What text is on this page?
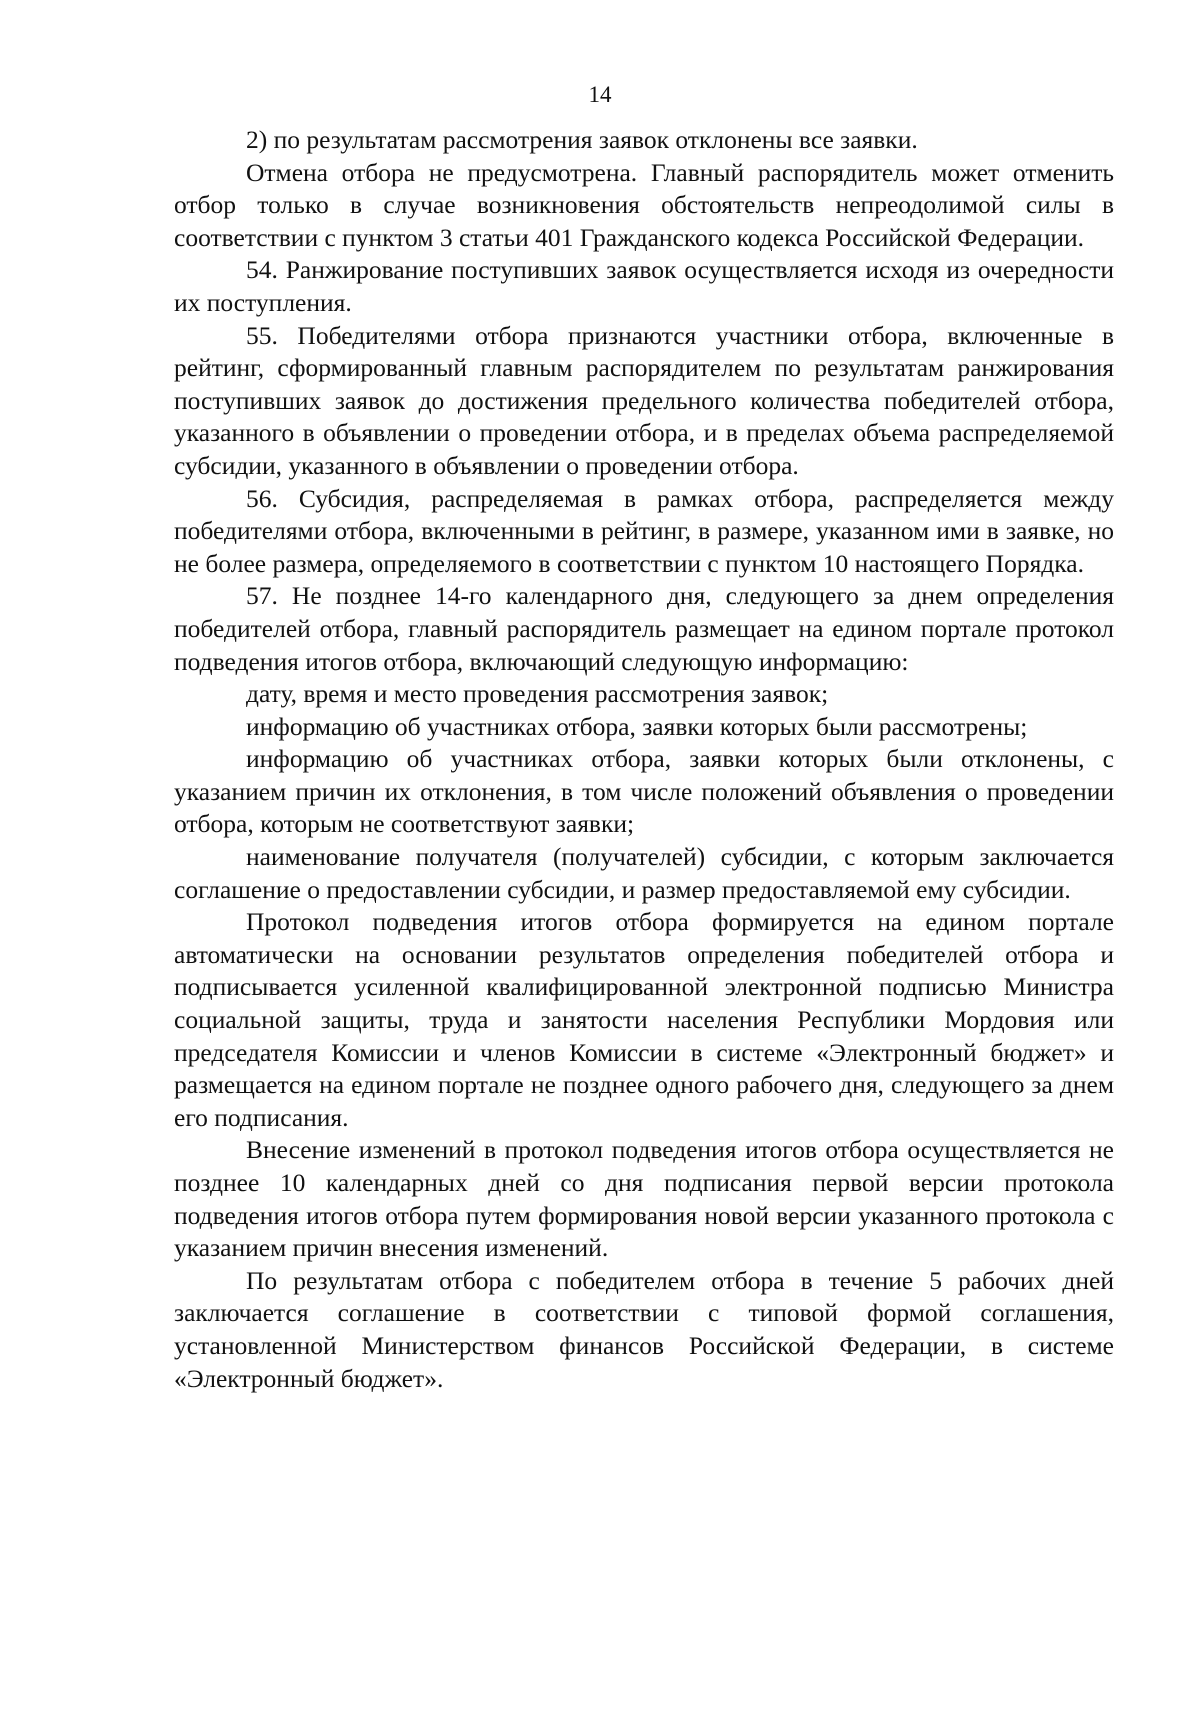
14

2) по результатам рассмотрения заявок отклонены все заявки.

Отмена отбора не предусмотрена. Главный распорядитель может отменить отбор только в случае возникновения обстоятельств непреодолимой силы в соответствии с пунктом 3 статьи 401 Гражданского кодекса Российской Федерации.

54. Ранжирование поступивших заявок осуществляется исходя из очередности их поступления.

55. Победителями отбора признаются участники отбора, включенные в рейтинг, сформированный главным распорядителем по результатам ранжирования поступивших заявок до достижения предельного количества победителей отбора, указанного в объявлении о проведении отбора, и в пределах объема распределяемой субсидии, указанного в объявлении о проведении отбора.

56. Субсидия, распределяемая в рамках отбора, распределяется между победителями отбора, включенными в рейтинг, в размере, указанном ими в заявке, но не более размера, определяемого в соответствии с пунктом 10 настоящего Порядка.

57. Не позднее 14-го календарного дня, следующего за днем определения победителей отбора, главный распорядитель размещает на едином портале протокол подведения итогов отбора, включающий следующую информацию:

дату, время и место проведения рассмотрения заявок;

информацию об участниках отбора, заявки которых были рассмотрены;

информацию об участниках отбора, заявки которых были отклонены, с указанием причин их отклонения, в том числе положений объявления о проведении отбора, которым не соответствуют заявки;

наименование получателя (получателей) субсидии, с которым заключается соглашение о предоставлении субсидии, и размер предоставляемой ему субсидии.

Протокол подведения итогов отбора формируется на едином портале автоматически на основании результатов определения победителей отбора и подписывается усиленной квалифицированной электронной подписью Министра социальной защиты, труда и занятости населения Республики Мордовия или председателя Комиссии и членов Комиссии в системе «Электронный бюджет» и размещается на едином портале не позднее одного рабочего дня, следующего за днем его подписания.

Внесение изменений в протокол подведения итогов отбора осуществляется не позднее 10 календарных дней со дня подписания первой версии протокола подведения итогов отбора путем формирования новой версии указанного протокола с указанием причин внесения изменений.

По результатам отбора с победителем отбора в течение 5 рабочих дней заключается соглашение в соответствии с типовой формой соглашения, установленной Министерством финансов Российской Федерации, в системе «Электронный бюджет».
